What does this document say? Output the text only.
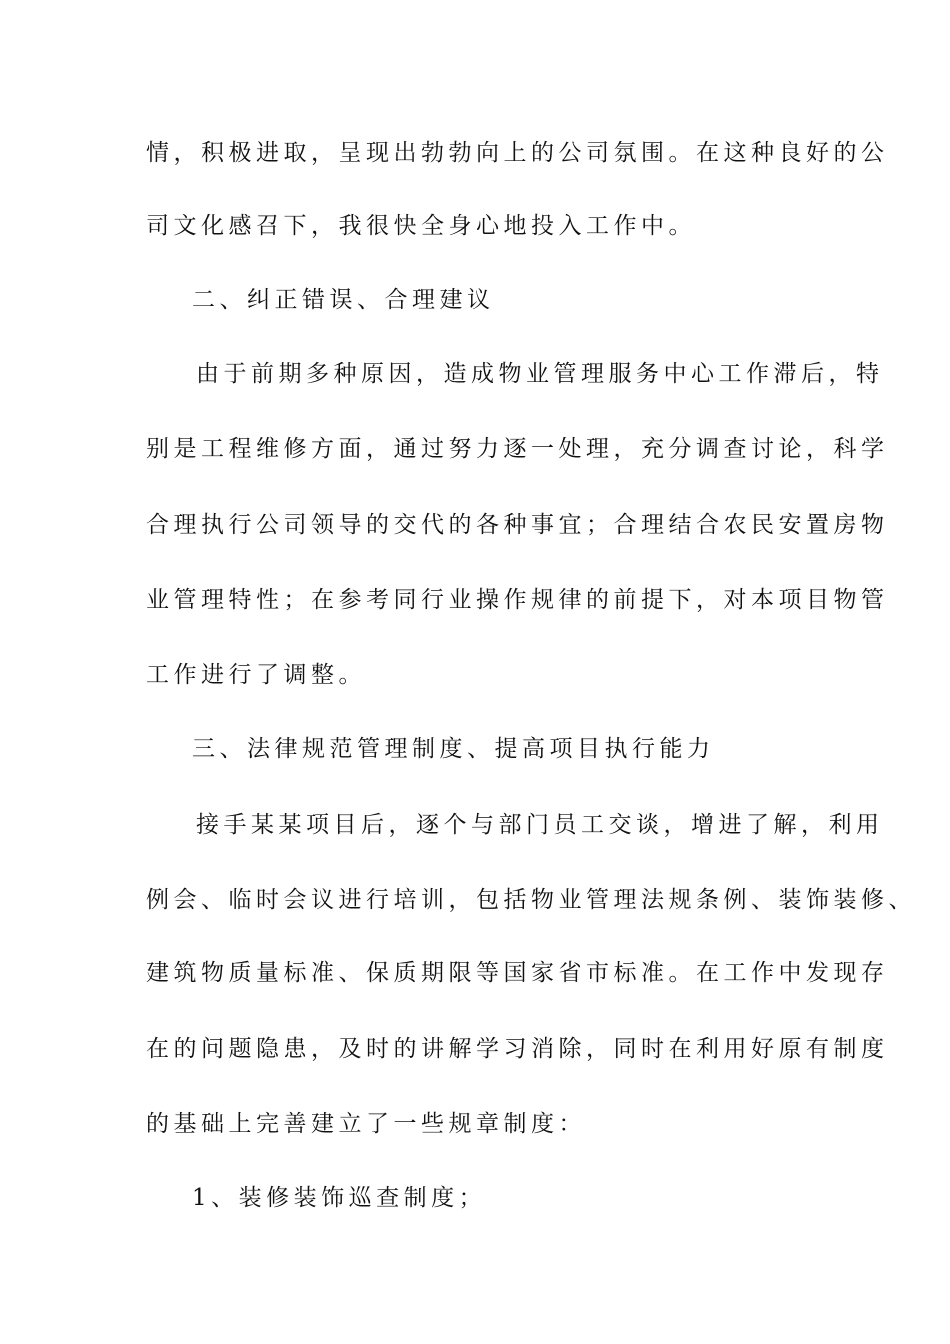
情，积极进取，呈现出勃勃向上的公司氛围。在这种良好的公
司文化感召下，我很快全身心地投入工作中。
二、纠正错误、合理建议
由于前期多种原因，造成物业管理服务中心工作滞后，特
别是工程维修方面，通过努力逐一处理，充分调查讨论，科学
合理执行公司领导的交代的各种事宜；合理结合农民安置房物
业管理特性；在参考同行业操作规律的前提下，对本项目物管
工作进行了调整。
三、法律规范管理制度、提高项目执行能力
接手某某项目后，逐个与部门员工交谈，增进了解，利用
例会、临时会议进行培训，包括物业管理法规条例、装饰装修、
建筑物质量标准、保质期限等国家省市标准。在工作中发现存
在的问题隐患，及时的讲解学习消除，同时在利用好原有制度
的基础上完善建立了一些规章制度：
1、装修装饰巡查制度；
